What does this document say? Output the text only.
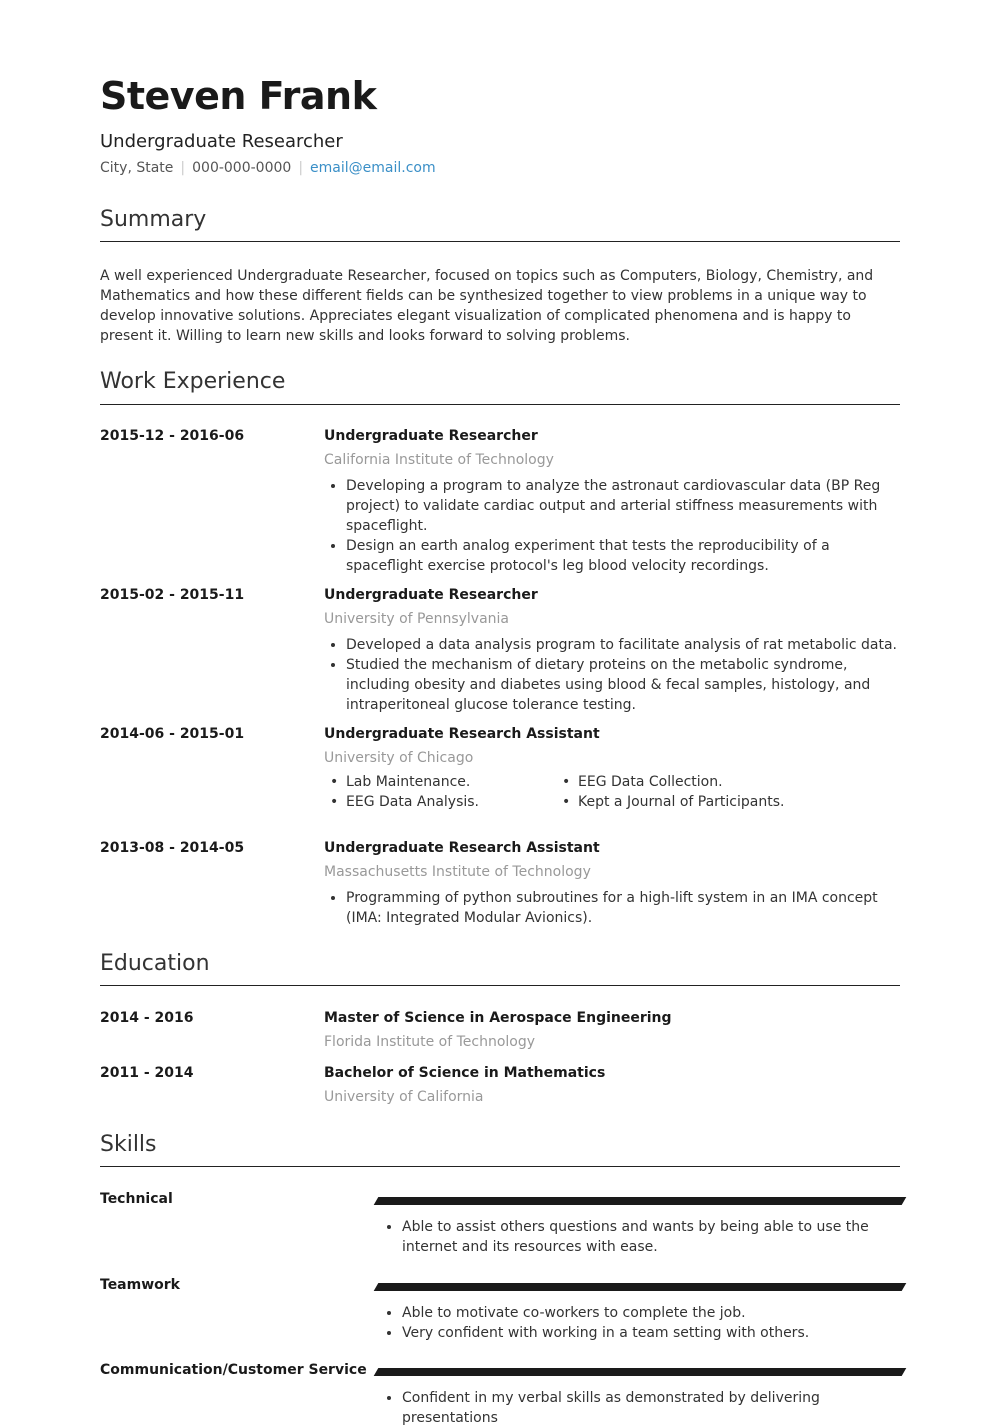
Steven Frank
Undergraduate Researcher
City, State | 000-000-0000 | email@email.com
Summary
A well experienced Undergraduate Researcher, focused on topics such as Computers, Biology, Chemistry, and Mathematics and how these different fields can be synthesized together to view problems in a unique way to develop innovative solutions. Appreciates elegant visualization of complicated phenomena and is happy to present it. Willing to learn new skills and looks forward to solving problems.
Work Experience
2015-12 - 2016-06	Undergraduate Researcher
California Institute of Technology
• Developing a program to analyze the astronaut cardiovascular data (BP Reg project) to validate cardiac output and arterial stiffness measurements with spaceflight.
• Design an earth analog experiment that tests the reproducibility of a spaceflight exercise protocol's leg blood velocity recordings.
2015-02 - 2015-11	Undergraduate Researcher
University of Pennsylvania
• Developed a data analysis program to facilitate analysis of rat metabolic data.
• Studied the mechanism of dietary proteins on the metabolic syndrome, including obesity and diabetes using blood & fecal samples, histology, and intraperitoneal glucose tolerance testing.
2014-06 - 2015-01	Undergraduate Research Assistant
University of Chicago
• Lab Maintenance.	• EEG Data Collection.
• EEG Data Analysis.	• Kept a Journal of Participants.
2013-08 - 2014-05	Undergraduate Research Assistant
Massachusetts Institute of Technology
• Programming of python subroutines for a high-lift system in an IMA concept (IMA: Integrated Modular Avionics).
Education
2014 - 2016	Master of Science in Aerospace Engineering
Florida Institute of Technology
2011 - 2014	Bachelor of Science in Mathematics
University of California
Skills
Technical
• Able to assist others questions and wants by being able to use the internet and its resources with ease.
Teamwork
• Able to motivate co-workers to complete the job.
• Very confident with working in a team setting with others.
Communication/Customer Service
• Confident in my verbal skills as demonstrated by delivering presentations
